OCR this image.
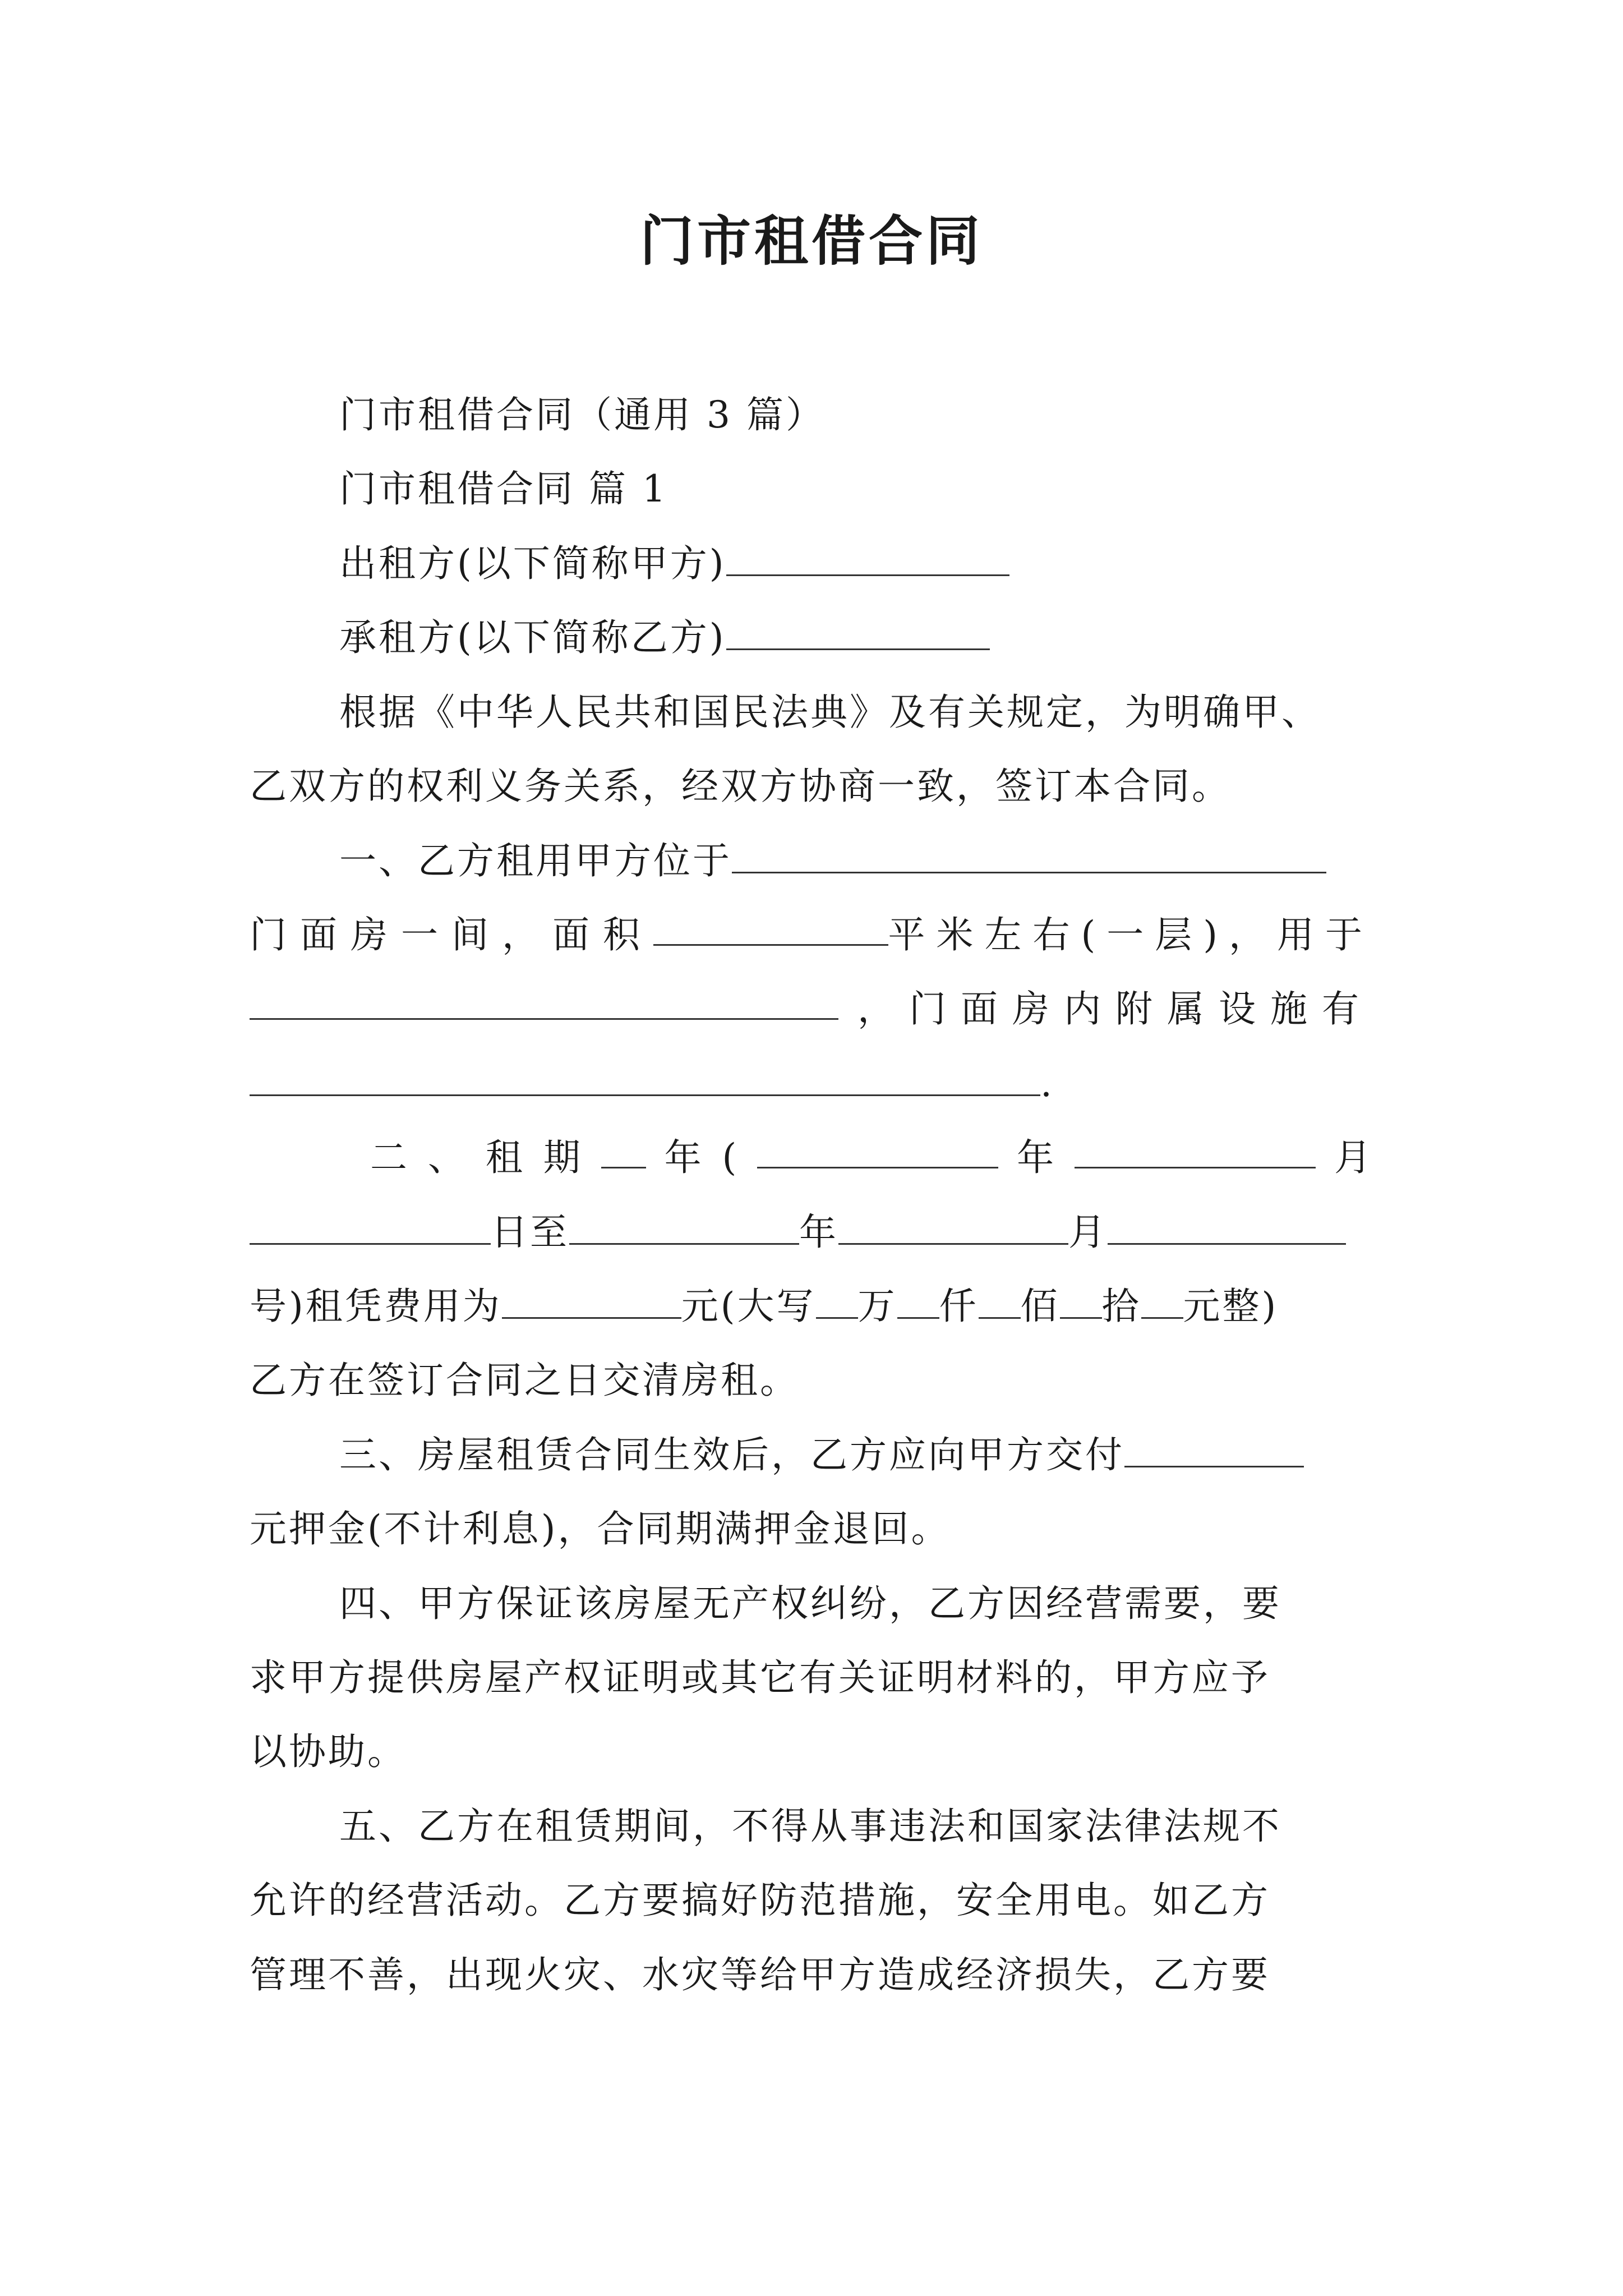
门市租借合同
门市租借合同（通用 3 篇）
门市租借合同 篇 1
出租方(以下简称甲方)
承租方(以下简称乙方)
根据《中华人民共和国民法典》及有关规定，为明确甲、
乙双方的权利义务关系，经双方协商一致，签订本合同。
一、乙方租用甲方位于
门面房一间，面积	平米左右(一层)，用于
，门面房内附属设施有
.
二 、 租 期 年 (	年	月
日至	年	月
号)租凭费用为	元(大写 万 仟 佰 拾 元整)
乙方在签订合同之日交清房租。
三、房屋租赁合同生效后，乙方应向甲方交付
元押金(不计利息)，合同期满押金退回。
四、甲方保证该房屋无产权纠纷，乙方因经营需要，要
求甲方提供房屋产权证明或其它有关证明材料的，甲方应予
以协助。
五、乙方在租赁期间，不得从事违法和国家法律法规不
允许的经营活动。乙方要搞好防范措施，安全用电。如乙方
管理不善，出现火灾、水灾等给甲方造成经济损失，乙方要
